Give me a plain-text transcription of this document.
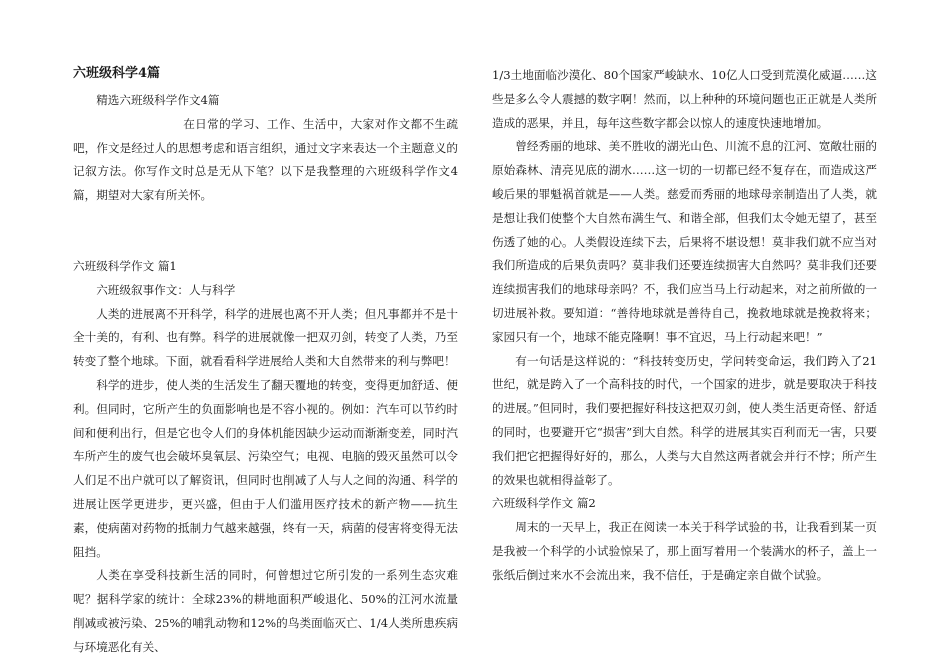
六班级科学4篇

精选六班级科学作文4篇

在日常的学习、工作、生活中，大家对作文都不生疏吧，作文是经过人的思想考虑和语言组织，通过文字来表达一个主题意义的记叙方法。你写作文时总是无从下笔？以下是我整理的六班级科学作文4篇，期望对大家有所关怀。

六班级科学作文 篇1

六班级叙事作文：人与科学

人类的进展离不开科学，科学的进展也离不开人类；但凡事都并不是十全十美的，有利、也有弊。科学的进展就像一把双刃剑，转变了人类，乃至转变了整个地球。下面，就看看科学进展给人类和大自然带来的利与弊吧！

科学的进步，使人类的生活发生了翻天覆地的转变，变得更加舒适、便利。但同时，它所产生的负面影响也是不容小视的。例如：汽车可以节约时间和便利出行，但是它也令人们的身体机能因缺少运动而渐渐变差，同时汽车所产生的废气也会破坏臭氧层、污染空气；电视、电脑的毁灭虽然可以令人们足不出户就可以了解资讯，但同时也削减了人与人之间的沟通、科学的进展让医学更进步，更兴盛，但由于人们滥用医疗技术的新产物——抗生素，使病菌对药物的抵制力气越来越强，终有一天，病菌的侵害将变得无法阻挡。

人类在享受科技新生活的同时，何曾想过它所引发的一系列生态灾难呢？据科学家的统计：全球23%的耕地面积严峻退化、50%的江河水流量削减或被污染、25%的哺乳动物和12%的鸟类面临灭亡、1/4人类所患疾病与环境恶化有关、

1/3土地面临沙漠化、80个国家严峻缺水、10亿人口受到荒漠化威逼……这些是多么令人震撼的数字啊！然而，以上种种的环境问题也正正就是人类所造成的恶果，并且，每年这些数字都会以惊人的速度快速地增加。

曾经秀丽的地球、美不胜收的湖光山色、川流不息的江河、宽敞壮丽的原始森林、清亮见底的湖水……这一切的一切都已经不复存在，而造成这严峻后果的罪魁祸首就是——人类。慈爱而秀丽的地球母亲制造出了人类，就是想让我们使整个大自然布满生气、和谐全部，但我们太令她无望了，甚至伤透了她的心。人类假设连续下去，后果将不堪设想！莫非我们就不应当对我们所造成的后果负责吗？莫非我们还要连续损害大自然吗？莫非我们还要连续损害我们的地球母亲吗？不，我们应当马上行动起来，对之前所做的一切进展补救。要知道：“善待地球就是善待自己，挽救地球就是挽救将来；家园只有一个，地球不能克隆啊！事不宜迟，马上行动起来吧！”

有一句话是这样说的：“科技转变历史，学问转变命运，我们跨入了21世纪，就是跨入了一个高科技的时代，一个国家的进步，就是要取决于科技的进展。”但同时，我们要把握好科技这把双刃剑，使人类生活更奇怪、舒适的同时，也要避开它“损害”到大自然。科学的进展其实百利而无一害，只要我们把它把握得好好的，那么，人类与大自然这两者就会并行不悖；所产生的效果也就相得益彰了。

六班级科学作文 篇2

周末的一天早上，我正在阅读一本关于科学试验的书，让我看到某一页是我被一个科学的小试验惊呆了，那上面写着用一个装满水的杯子，盖上一张纸后倒过来水不会流出来，我不信任，于是确定亲自做个试验。
